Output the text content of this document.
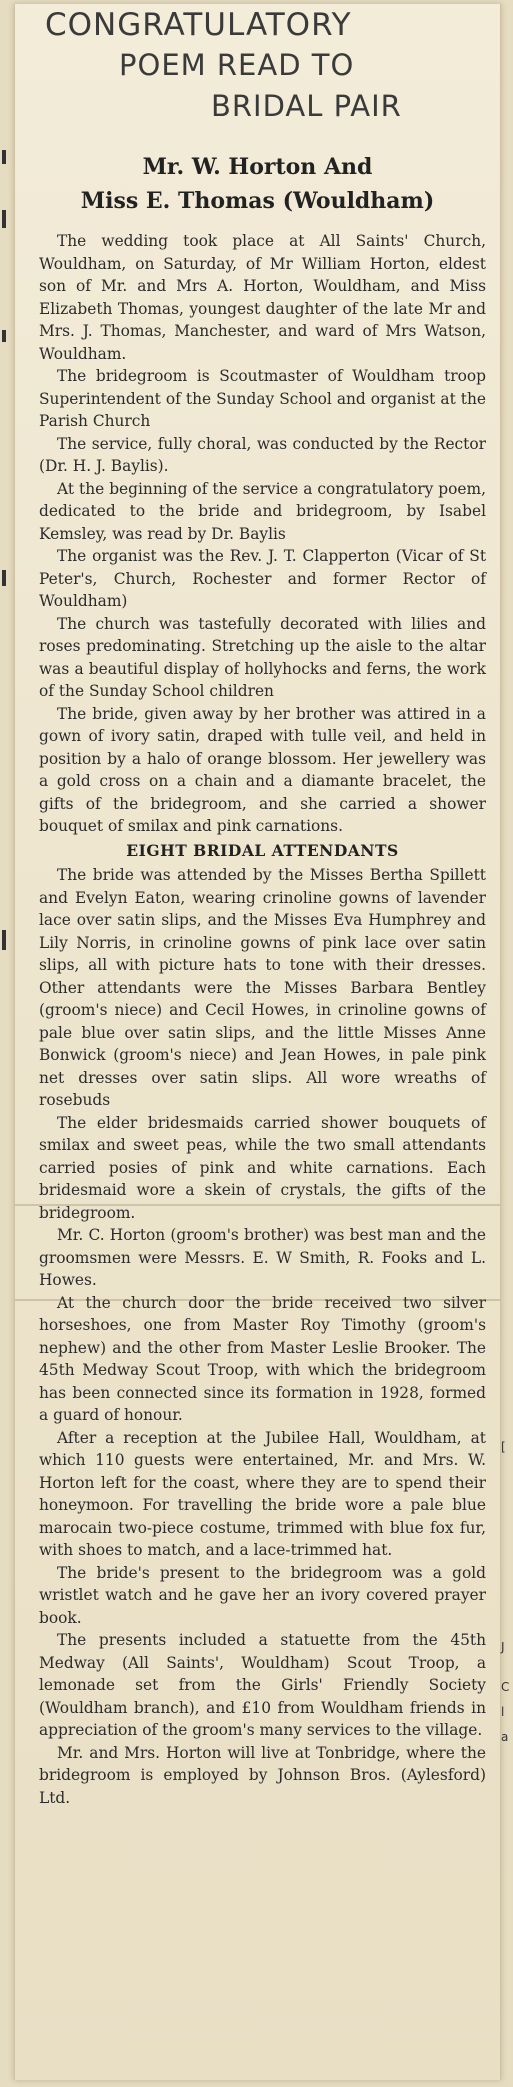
CONGRATULATORY
POEM READ TO
BRIDAL PAIR
Mr. W. Horton And
Miss E. Thomas (Wouldham)

The wedding took place at All Saints' Church, Wouldham, on Saturday, of Mr William Horton, eldest son of Mr. and Mrs A. Horton, Wouldham, and Miss Elizabeth Thomas, youngest daughter of the late Mr and Mrs. J. Thomas, Manchester, and ward of Mrs Watson, Wouldham.

The bridegroom is Scoutmaster of Wouldham troop Superintendent of the Sunday School and organist at the Parish Church

The service, fully choral, was conducted by the Rector (Dr. H. J. Baylis).

At the beginning of the service a congratulatory poem, dedicated to the bride and bridegroom, by Isabel Kemsley, was read by Dr. Baylis

The organist was the Rev. J. T. Clapperton (Vicar of St Peter's, Church, Rochester and former Rector of Wouldham)

The church was tastefully decorated with lilies and roses predominating. Stretching up the aisle to the altar was a beautiful display of hollyhocks and ferns, the work of the Sunday School children

The bride, given away by her brother was attired in a gown of ivory satin, draped with tulle veil, and held in position by a halo of orange blossom. Her jewellery was a gold cross on a chain and a diamante bracelet, the gifts of the bridegroom, and she carried a shower bouquet of smilax and pink carnations.

EIGHT BRIDAL ATTENDANTS

The bride was attended by the Misses Bertha Spillett and Evelyn Eaton, wearing crinoline gowns of lavender lace over satin slips, and the Misses Eva Humphrey and Lily Norris, in crinoline gowns of pink lace over satin slips, all with picture hats to tone with their dresses. Other attendants were the Misses Barbara Bentley (groom's niece) and Cecil Howes, in crinoline gowns of pale blue over satin slips, and the little Misses Anne Bonwick (groom's niece) and Jean Howes, in pale pink net dresses over satin slips. All wore wreaths of rosebuds

The elder bridesmaids carried shower bouquets of smilax and sweet peas, while the two small attendants carried posies of pink and white carnations. Each bridesmaid wore a skein of crystals, the gifts of the bridegroom.

Mr. C. Horton (groom's brother) was best man and the groomsmen were Messrs. E. W Smith, R. Fooks and L. Howes.

At the church door the bride received two silver horseshoes, one from Master Roy Timothy (groom's nephew) and the other from Master Leslie Brooker. The 45th Medway Scout Troop, with which the bridegroom has been connected since its formation in 1928, formed a guard of honour.

After a reception at the Jubilee Hall, Wouldham, at which 110 guests were entertained, Mr. and Mrs. W. Horton left for the coast, where they are to spend their honeymoon. For travelling the bride wore a pale blue marocain two-piece costume, trimmed with blue fox fur, with shoes to match, and a lace-trimmed hat.

The bride's present to the bridegroom was a gold wristlet watch and he gave her an ivory covered prayer book.

The presents included a statuette from the 45th Medway (All Saints', Wouldham) Scout Troop, a lemonade set from the Girls' Friendly Society (Wouldham branch), and £10 from Wouldham friends in appreciation of the groom's many services to the village.

Mr. and Mrs. Horton will live at Tonbridge, where the bridegroom is employed by Johnson Bros. (Aylesford) Ltd.

[
J
C
l
a
